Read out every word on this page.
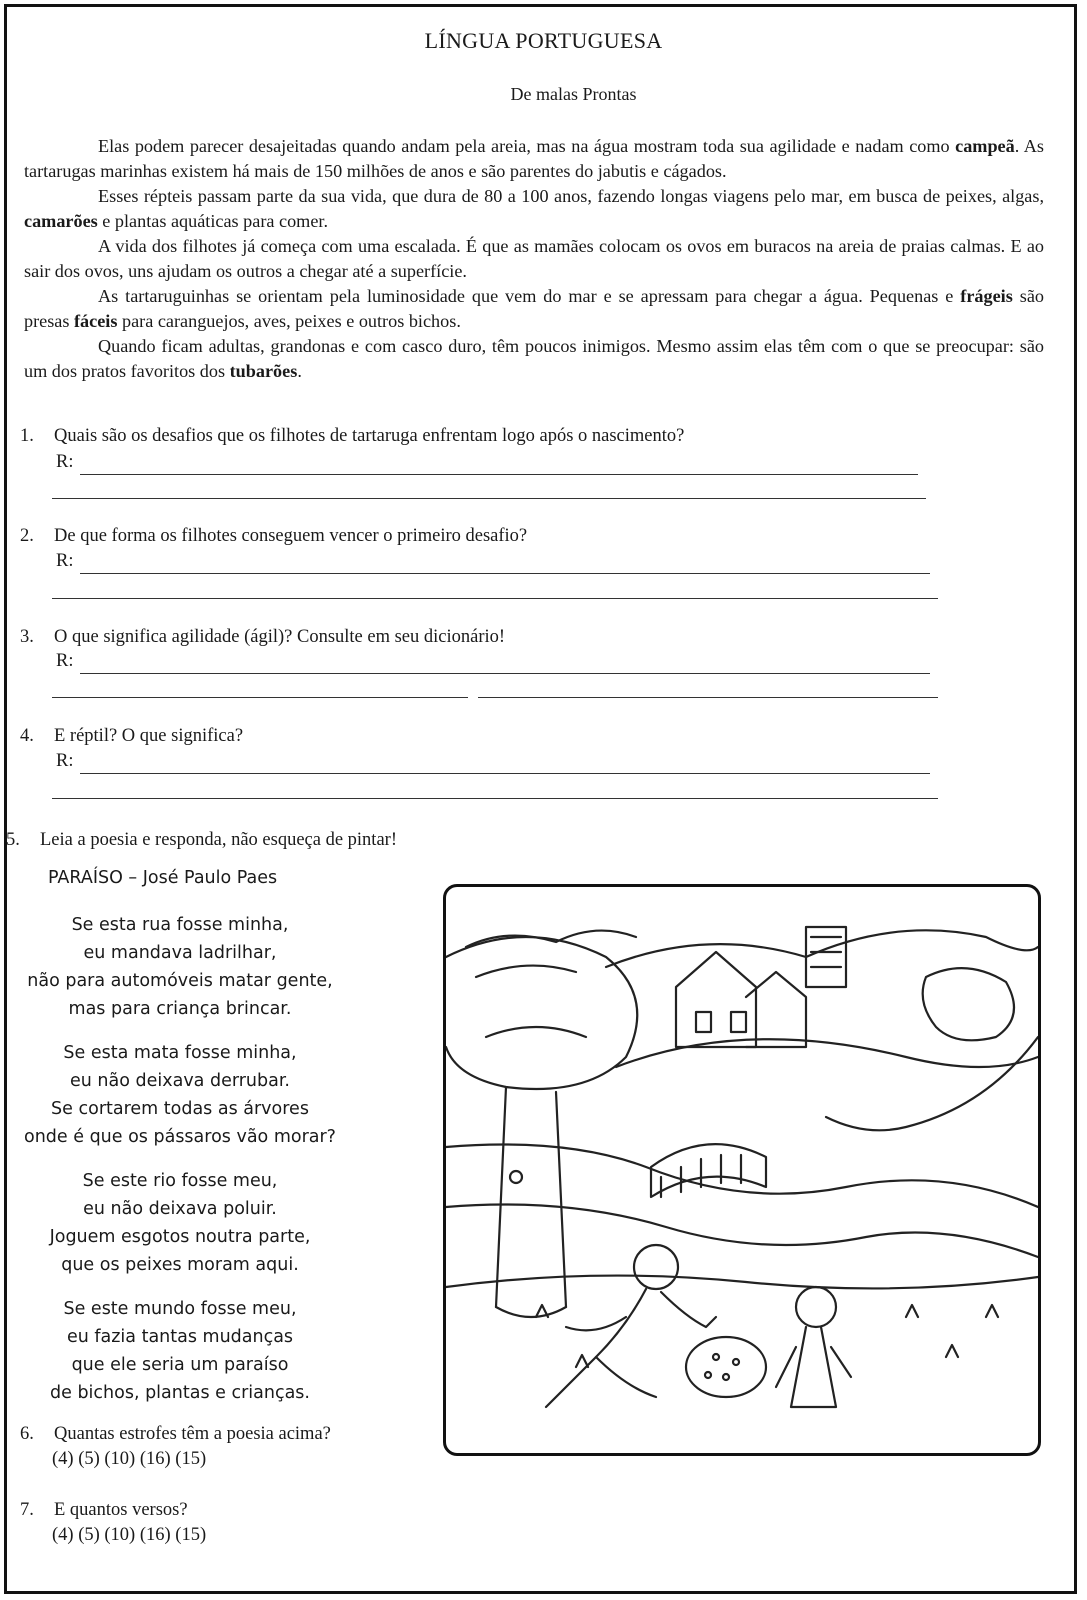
LÍNGUA PORTUGUESA
De malas Prontas

Elas podem parecer desajeitadas quando andam pela areia, mas na água mostram toda sua agilidade e nadam como campeã. As tartarugas marinhas existem há mais de 150 milhões de anos e são parentes do jabutis e cágados.

Esses répteis passam parte da sua vida, que dura de 80 a 100 anos, fazendo longas viagens pelo mar, em busca de peixes, algas, camarões e plantas aquáticas para comer.

A vida dos filhotes já começa com uma escalada. É que as mamães colocam os ovos em buracos na areia de praias calmas. E ao sair dos ovos, uns ajudam os outros a chegar até a superfície.

As tartaruguinhas se orientam pela luminosidade que vem do mar e se apressam para chegar a água. Pequenas e frágeis são presas fáceis para caranguejos, aves, peixes e outros bichos.

Quando ficam adultas, grandonas e com casco duro, têm poucos inimigos. Mesmo assim elas têm com o que se preocupar: são um dos pratos favoritos dos tubarões.

1. Quais são os desafios que os filhotes de tartaruga enfrentam logo após o nascimento?
R:
2. De que forma os filhotes conseguem vencer o primeiro desafio?
R:
3. O que significa agilidade (ágil)? Consulte em seu dicionário!
R:
4. E réptil? O que significa?
R:
5. Leia a poesia e responda, não esqueça de pintar!
PARAÍSO – José Paulo Paes
Se esta rua fosse minha,
eu mandava ladrilhar,
não para automóveis matar gente,
mas para criança brincar.
Se esta mata fosse minha,
eu não deixava derrubar.
Se cortarem todas as árvores
onde é que os pássaros vão morar?
Se este rio fosse meu,
eu não deixava poluir.
Joguem esgotos noutra parte,
que os peixes moram aqui.
Se este mundo fosse meu,
eu fazia tantas mudanças
que ele seria um paraíso
de bichos, plantas e crianças.
6. Quantas estrofes têm a poesia acima?
(4) (5) (10) (16) (15)
7. E quantos versos?
(4) (5) (10) (16) (15)
